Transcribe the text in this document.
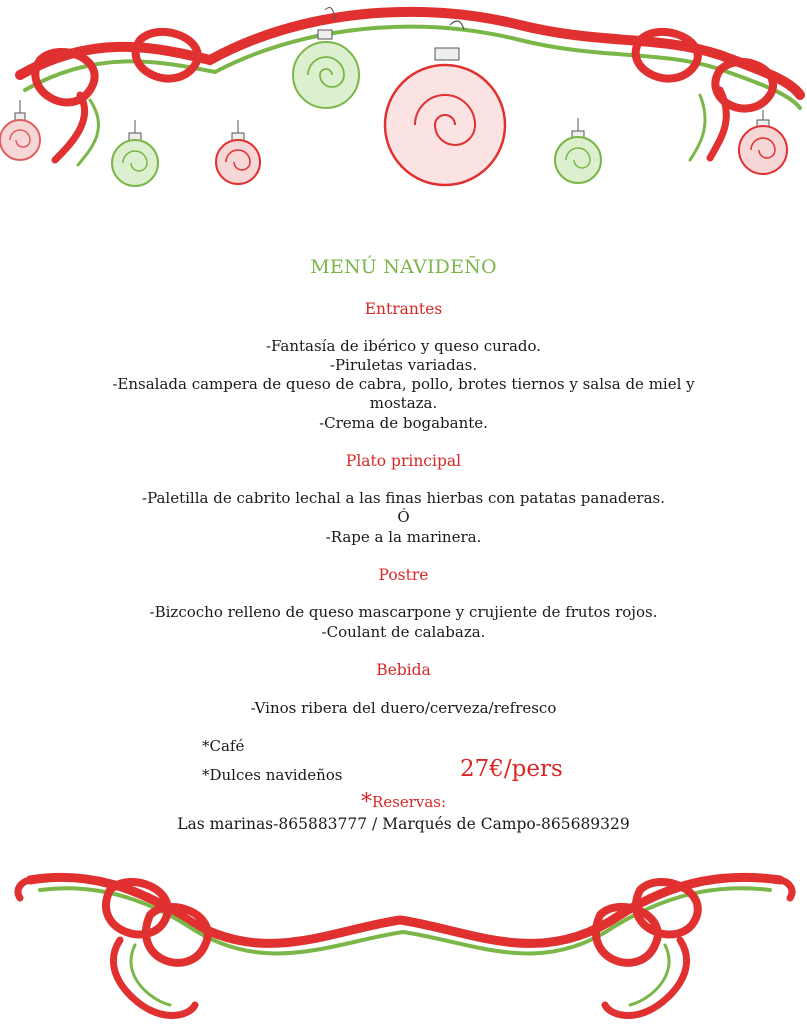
MENÚ NAVIDEÑO
Entrantes
-Fantasía de ibérico y queso curado.
-Piruletas variadas.
-Ensalada campera de queso de cabra, pollo, brotes tiernos y salsa de miel y
mostaza.
-Crema de bogabante.
Plato principal
-Paletilla de cabrito lechal a las finas hierbas con patatas panaderas.
Ó
-Rape a la marinera.
Postre
-Bizcocho relleno de queso mascarpone y crujiente de frutos rojos.
-Coulant de calabaza.
Bebida
-Vinos ribera del duero/cerveza/refresco
*Café
*Dulces navideños	27€/pers
*Reservas:
Las marinas-865883777 / Marqués de Campo-865689329
